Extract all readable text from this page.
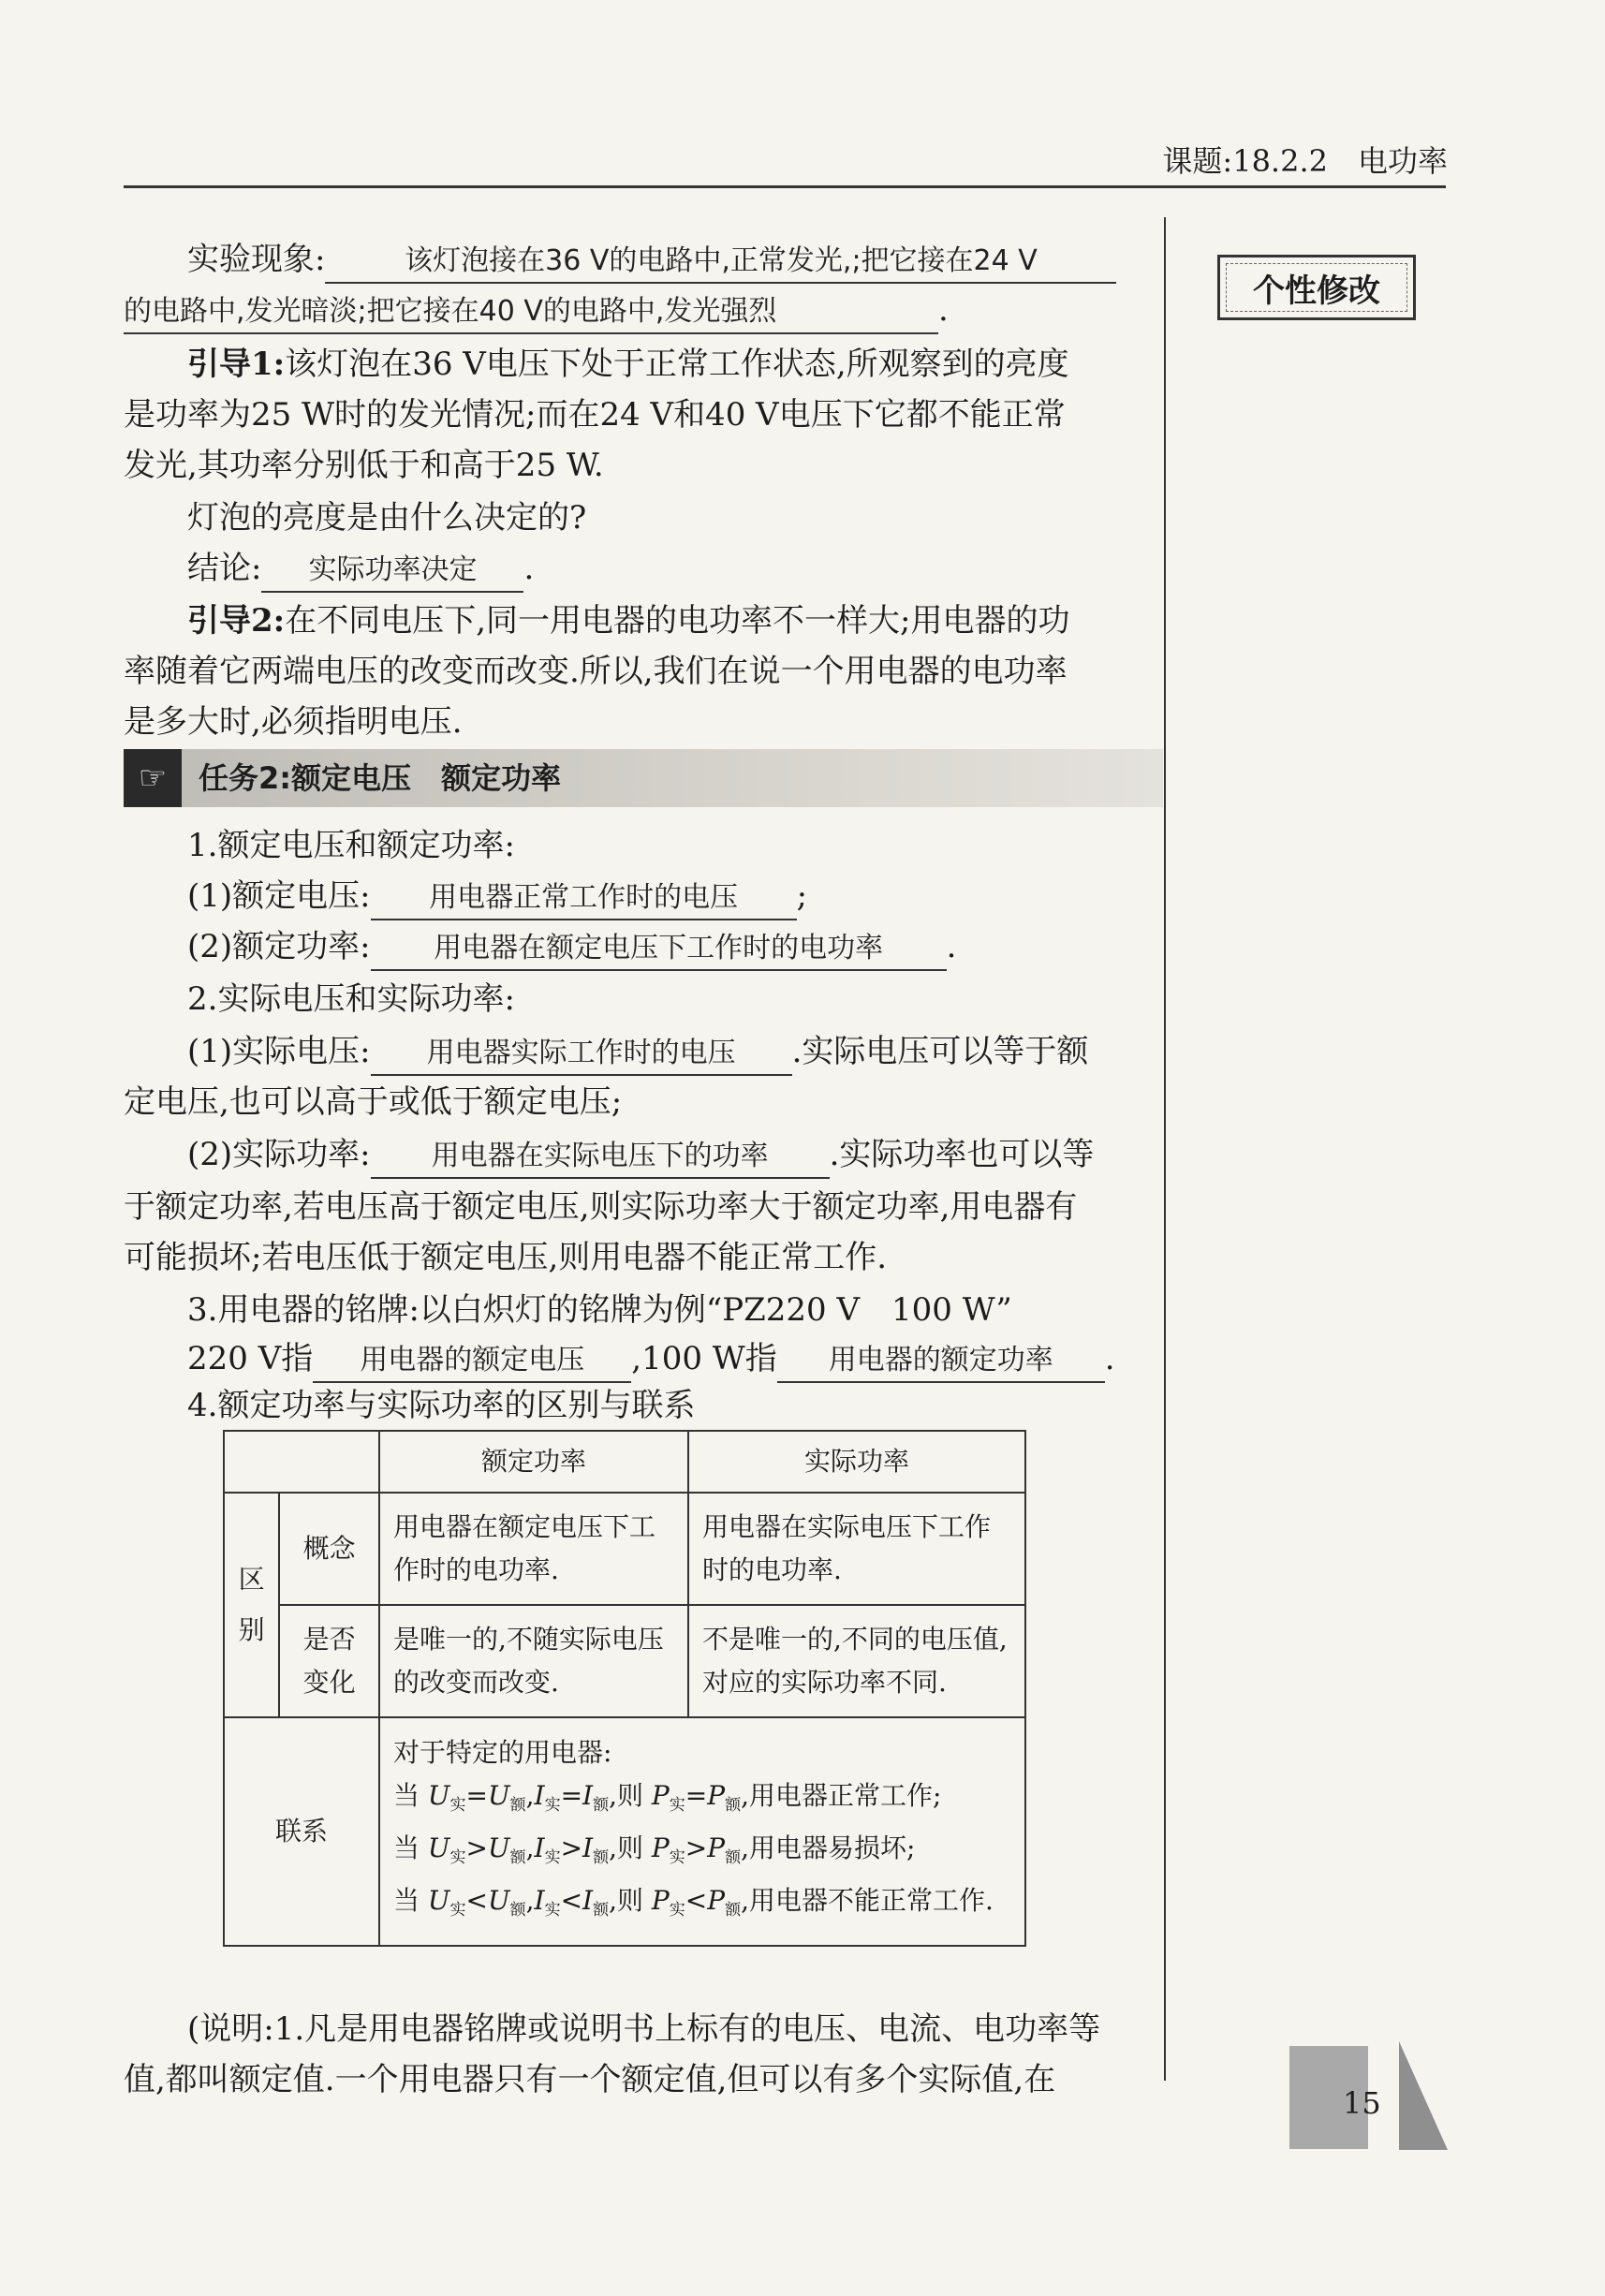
课题:18.2.2　电功率
个性修改
实验现象:	该灯泡接在36 V的电路中,正常发光,;把它接在24 V
的电路中,发光暗淡;把它接在40 V的电路中,发光强烈	.
引导1:该灯泡在36 V电压下处于正常工作状态,所观察到的亮度
是功率为25 W时的发光情况;而在24 V和40 V电压下它都不能正常
发光,其功率分别低于和高于25 W.
灯泡的亮度是由什么决定的?
结论: 实际功率决定 .
引导2:在不同电压下,同一用电器的电功率不一样大;用电器的功
率随着它两端电压的改变而改变.所以,我们在说一个用电器的电功率
是多大时,必须指明电压.
☞	任务2:额定电压　额定功率
1.额定电压和额定功率:
(1)额定电压: 用电器正常工作时的电压 ;
(2)额定功率: 用电器在额定电压下工作时的电功率 .
2.实际电压和实际功率:
(1)实际电压: 用电器实际工作时的电压 .实际电压可以等于额
定电压,也可以高于或低于额定电压;
(2)实际功率: 用电器在实际电压下的功率 .实际功率也可以等
于额定功率,若电压高于额定电压,则实际功率大于额定功率,用电器有
可能损坏;若电压低于额定电压,则用电器不能正常工作.
3.用电器的铭牌:以白炽灯的铭牌为例“PZ220 V　100 W”
220 V指 用电器的额定电压 ,100 W指 用电器的额定功率 .
4.额定功率与实际功率的区别与联系
		额定功率	实际功率
区别	概念	用电器在额定电压下工作时的电功率.	用电器在实际电压下工作时的电功率.
	是否变化	是唯一的,不随实际电压的改变而改变.	不是唯一的,不同的电压值,对应的实际功率不同.
联系		对于特定的用电器:
当 $U_实=U_额,I_实=I_额$,则 $P_实=P_额$,用电器正常工作;
当 $U_实>U_额,I_实>I_额$,则 $P_实>P_额$,用电器易损坏;
当 $U_实<U_额,I_实<I_额$,则 $P_实<P_额$,用电器不能正常工作.	
(说明:1.凡是用电器铭牌或说明书上标有的电压、电流、电功率等
值,都叫额定值.一个用电器只有一个额定值,但可以有多个实际值,在
15
